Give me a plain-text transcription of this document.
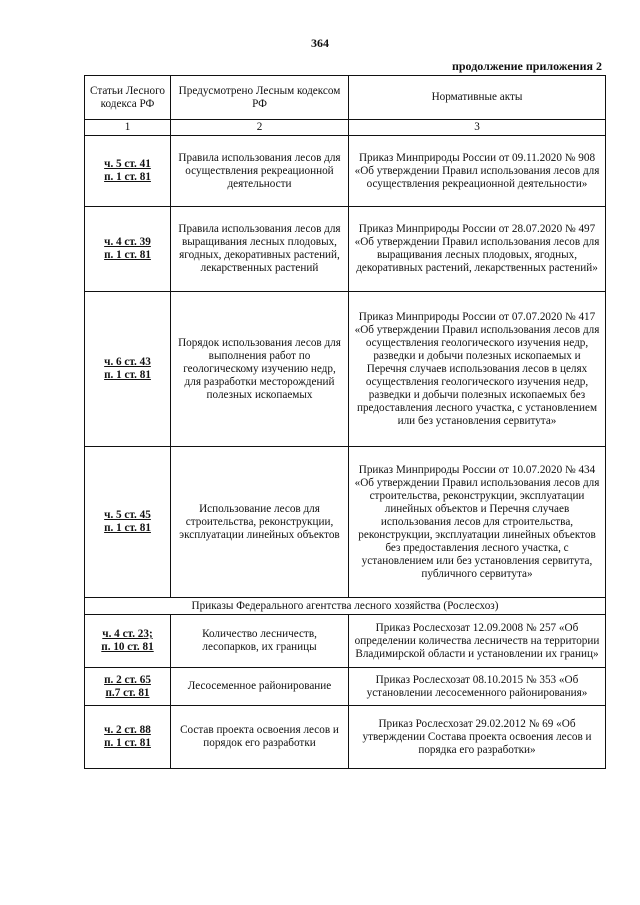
364
продолжение приложения 2
Статьи Лесного кодекса РФ	Предусмотрено Лесным кодексом РФ	Нормативные акты
1	2	3

ч. 5 ст. 41
п. 1 ст. 81	Правила использования лесов для осуществления рекреационной деятельности	Приказ Минприроды России от 09.11.2020 № 908 «Об утверждении Правил использования лесов для осуществления рекреационной деятельности»

ч. 4 ст. 39
п. 1 ст. 81	Правила использования лесов для выращивания лесных плодовых, ягодных, декоративных растений, лекарственных растений	Приказ Минприроды России от 28.07.2020 № 497 «Об утверждении Правил использования лесов для выращивания лесных плодовых, ягодных, декоративных растений, лекарственных растений»

ч. 6 ст. 43
п. 1 ст. 81	Порядок использования лесов для выполнения работ по геологическому изучению недр, для разработки месторождений полезных ископаемых	Приказ Минприроды России от 07.07.2020 № 417 «Об утверждении Правил использования лесов для осуществления геологического изучения недр, разведки и добычи полезных ископаемых и Перечня случаев использования лесов в целях осуществления геологического изучения недр, разведки и добычи полезных ископаемых без предоставления лесного участка, с установлением или без установления сервитута»

ч. 5 ст. 45
п. 1 ст. 81	Использование лесов для строительства, реконструкции, эксплуатации линейных объектов	Приказ Минприроды России от 10.07.2020 № 434 «Об утверждении Правил использования лесов для строительства, реконструкции, эксплуатации линейных объектов и Перечня случаев использования лесов для строительства, реконструкции, эксплуатации линейных объектов без предоставления лесного участка, с установлением или без установления сервитута, публичного сервитута»
Приказы Федерального агентства лесного хозяйства (Рослесхоз)		

ч. 4 ст. 23;
п. 10 ст. 81	Количество лесничеств, лесопарков, их границы	Приказ Рослесхозат 12.09.2008 № 257 «Об определении количества лесничеств на территории Владимирской области и установлении их границ»

п. 2 ст. 65
п.7 ст. 81	Лесосеменное районирование	Приказ Рослесхозат 08.10.2015 № 353 «Об установлении лесосеменного районирования»

ч. 2 ст. 88
п. 1 ст. 81	Состав проекта освоения лесов и порядок его разработки	Приказ Рослесхозат 29.02.2012 № 69 «Об утверждении Состава проекта освоения лесов и порядка его разработки»
